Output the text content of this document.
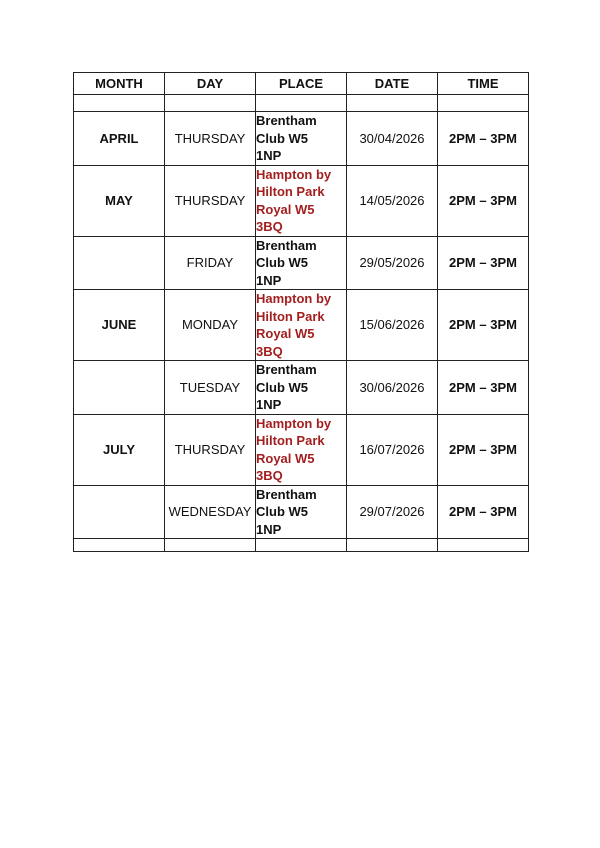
MONTH	DAY	PLACE	DATE	TIME

APRIL	THURSDAY	Brentham
Club W5
1NP	30/04/2026	2PM – 3PM
MAY	THURSDAY	Hampton by
Hilton Park
Royal W5
3BQ	14/05/2026	2PM – 3PM
	FRIDAY	Brentham
Club W5
1NP	29/05/2026	2PM – 3PM
JUNE	MONDAY	Hampton by
Hilton Park
Royal W5
3BQ	15/06/2026	2PM – 3PM
	TUESDAY	Brentham
Club W5
1NP	30/06/2026	2PM – 3PM
JULY	THURSDAY	Hampton by
Hilton Park
Royal W5
3BQ	16/07/2026	2PM – 3PM
	WEDNESDAY	Brentham
Club W5
1NP	29/07/2026	2PM – 3PM
